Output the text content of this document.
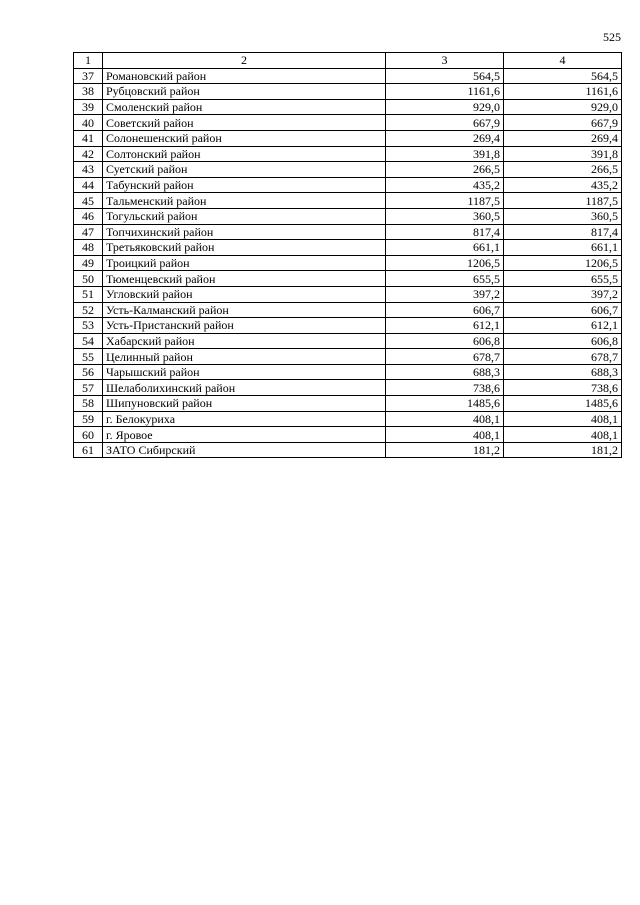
525
1	2	3	4
37	Романовский район	564,5	564,5
38	Рубцовский район	1161,6	1161,6
39	Смоленский район	929,0	929,0
40	Советский район	667,9	667,9
41	Солонешенский район	269,4	269,4
42	Солтонский район	391,8	391,8
43	Суетский район	266,5	266,5
44	Табунский район	435,2	435,2
45	Тальменский район	1187,5	1187,5
46	Тогульский район	360,5	360,5
47	Топчихинский район	817,4	817,4
48	Третьяковский район	661,1	661,1
49	Троицкий район	1206,5	1206,5
50	Тюменцевский район	655,5	655,5
51	Угловский район	397,2	397,2
52	Усть-Калманский район	606,7	606,7
53	Усть-Пристанский район	612,1	612,1
54	Хабарский район	606,8	606,8
55	Целинный район	678,7	678,7
56	Чарышский район	688,3	688,3
57	Шелаболихинский район	738,6	738,6
58	Шипуновский район	1485,6	1485,6
59	г. Белокуриха	408,1	408,1
60	г. Яровое	408,1	408,1
61	ЗАТО Сибирский	181,2	181,2
